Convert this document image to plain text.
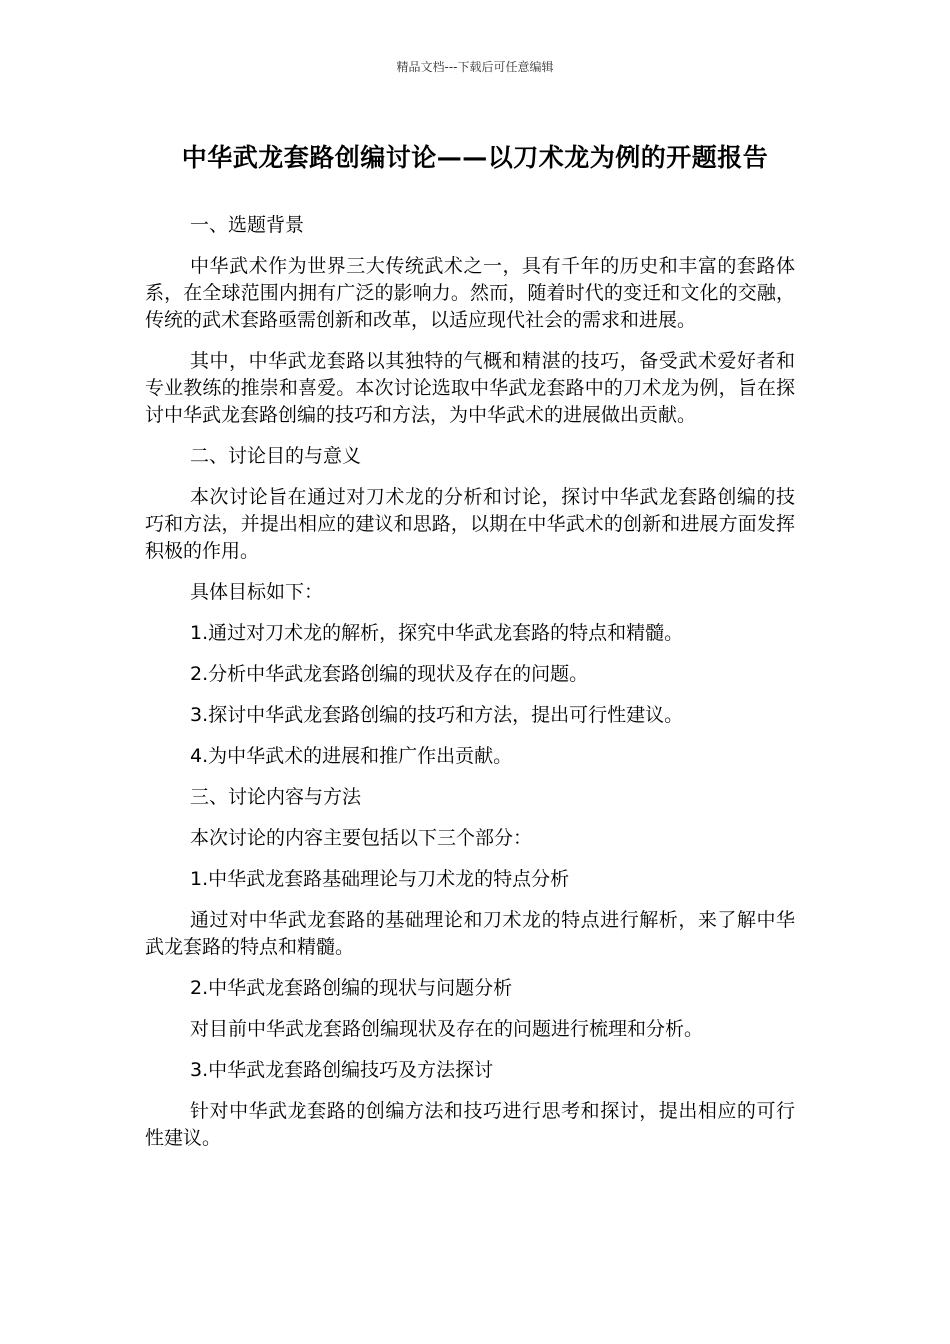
精品文档---下载后可任意编辑
中华武龙套路创编讨论——以刀术龙为例的开题报告

一、选题背景

中华武术作为世界三大传统武术之一，具有千年的历史和丰富的套路体系，在全球范围内拥有广泛的影响力。然而，随着时代的变迁和文化的交融，传统的武术套路亟需创新和改革，以适应现代社会的需求和进展。

其中，中华武龙套路以其独特的气概和精湛的技巧，备受武术爱好者和专业教练的推崇和喜爱。本次讨论选取中华武龙套路中的刀术龙为例，旨在探讨中华武龙套路创编的技巧和方法，为中华武术的进展做出贡献。

二、讨论目的与意义

本次讨论旨在通过对刀术龙的分析和讨论，探讨中华武龙套路创编的技巧和方法，并提出相应的建议和思路，以期在中华武术的创新和进展方面发挥积极的作用。

具体目标如下：

1.通过对刀术龙的解析，探究中华武龙套路的特点和精髓。

2.分析中华武龙套路创编的现状及存在的问题。

3.探讨中华武龙套路创编的技巧和方法，提出可行性建议。

4.为中华武术的进展和推广作出贡献。

三、讨论内容与方法

本次讨论的内容主要包括以下三个部分：

1.中华武龙套路基础理论与刀术龙的特点分析

通过对中华武龙套路的基础理论和刀术龙的特点进行解析，来了解中华武龙套路的特点和精髓。

2.中华武龙套路创编的现状与问题分析

对目前中华武龙套路创编现状及存在的问题进行梳理和分析。

3.中华武龙套路创编技巧及方法探讨

针对中华武龙套路的创编方法和技巧进行思考和探讨，提出相应的可行性建议。
